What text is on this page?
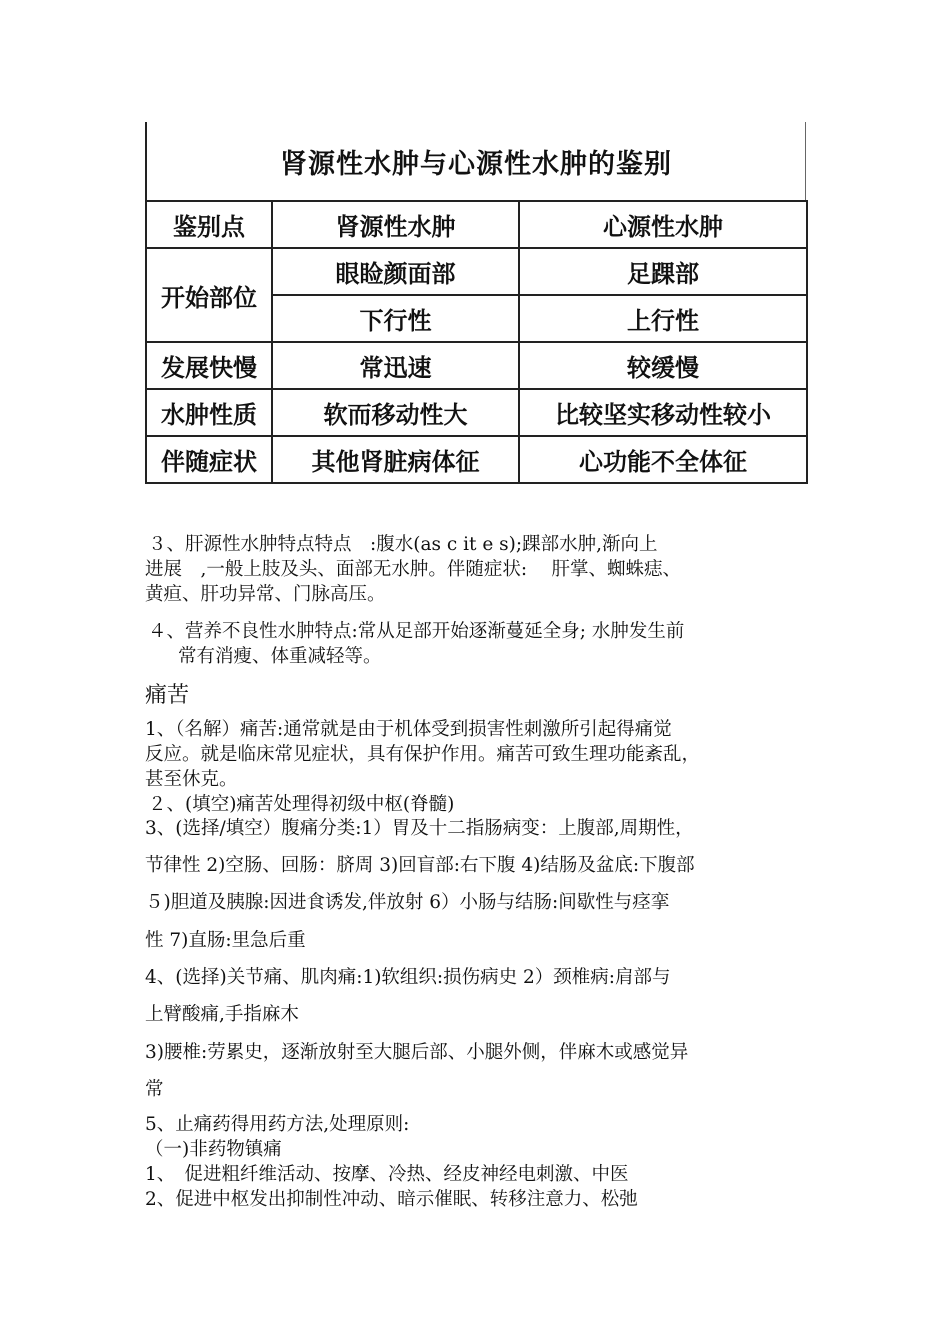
肾源性水肿与心源性水肿的鉴别
鉴别点	肾源性水肿	心源性水肿
开始部位	眼睑颜面部	足踝部
	下行性	上行性
发展快慢	常迅速	较缓慢
水肿性质	软而移动性大	比较坚实移动性较小
伴随症状	其他肾脏病体征	心功能不全体征
３、肝源性水肿特点特点　:腹水(as c it e s);踝部水肿,渐向上
进展　,一般上肢及头、面部无水肿。伴随症状:　 肝掌、蜘蛛痣、
黄疸、肝功异常、门脉高压。
４、营养不良性水肿特点:常从足部开始逐渐蔓延全身; 水肿发生前
常有消瘦、体重减轻等。
痛苦
1、（名解）痛苦:通常就是由于机体受到损害性刺激所引起得痛觉
反应。就是临床常见症状，具有保护作用。痛苦可致生理功能紊乱，
甚至休克。
２、(填空)痛苦处理得初级中枢(脊髓)
3、(选择/填空）腹痛分类:1）胃及十二指肠病变：上腹部,周期性，
节律性 2)空肠、回肠：脐周 3)回盲部:右下腹 4)结肠及盆底:下腹部
５)胆道及胰腺:因进食诱发,伴放射 6）小肠与结肠:间歇性与痉挛
性 7)直肠:里急后重
4、(选择)关节痛、肌肉痛:1)软组织:损伤病史 2）颈椎病:肩部与
上臂酸痛,手指麻木
3)腰椎:劳累史，逐渐放射至大腿后部、小腿外侧，伴麻木或感觉异
常
5、止痛药得用药方法,处理原则:
（一)非药物镇痛
1、　促进粗纤维活动、按摩、冷热、经皮神经电刺激、中医
2、促进中枢发出抑制性冲动、暗示催眠、转移注意力、松弛
